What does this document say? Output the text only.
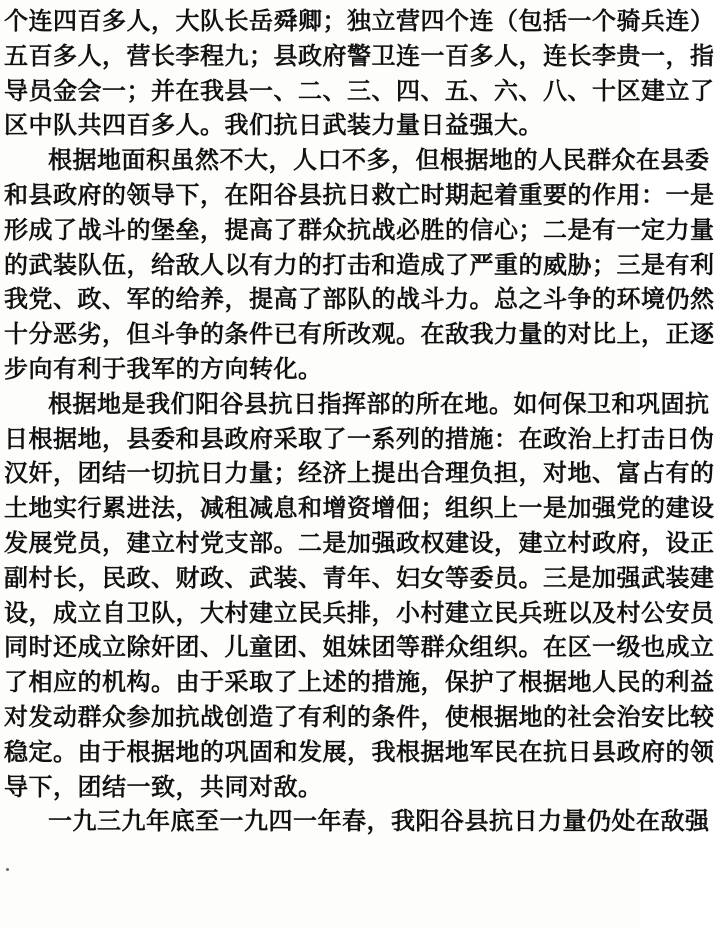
个连四百多人，大队长岳舜卿；独立营四个连（包括一个骑兵连）
五百多人，营长李程九；县政府警卫连一百多人，连长李贵一，指
导员金会一；并在我县一、二、三、四、五、六、八、十区建立了
区中队共四百多人。我们抗日武装力量日益强大。
根据地面积虽然不大，人口不多，但根据地的人民群众在县委
和县政府的领导下，在阳谷县抗日救亡时期起着重要的作用：一是
形成了战斗的堡垒，提高了群众抗战必胜的信心；二是有一定力量
的武装队伍，给敌人以有力的打击和造成了严重的威胁；三是有利
我党、政、军的给养，提高了部队的战斗力。总之斗争的环境仍然
十分恶劣，但斗争的条件已有所改观。在敌我力量的对比上，正逐
步向有利于我军的方向转化。
根据地是我们阳谷县抗日指挥部的所在地。如何保卫和巩固抗
日根据地，县委和县政府采取了一系列的措施：在政治上打击日伪
汉奸，团结一切抗日力量；经济上提出合理负担，对地、富占有的
土地实行累进法，减租减息和增资增佃；组织上一是加强党的建设
发展党员，建立村党支部。二是加强政权建设，建立村政府，设正
副村长，民政、财政、武装、青年、妇女等委员。三是加强武装建
设，成立自卫队，大村建立民兵排，小村建立民兵班以及村公安员
同时还成立除奸团、儿童团、姐妹团等群众组织。在区一级也成立
了相应的机构。由于采取了上述的措施，保护了根据地人民的利益
对发动群众参加抗战创造了有利的条件，使根据地的社会治安比较
稳定。由于根据地的巩固和发展，我根据地军民在抗日县政府的领
导下，团结一致，共同对敌。
一九三九年底至一九四一年春，我阳谷县抗日力量仍处在敌强
